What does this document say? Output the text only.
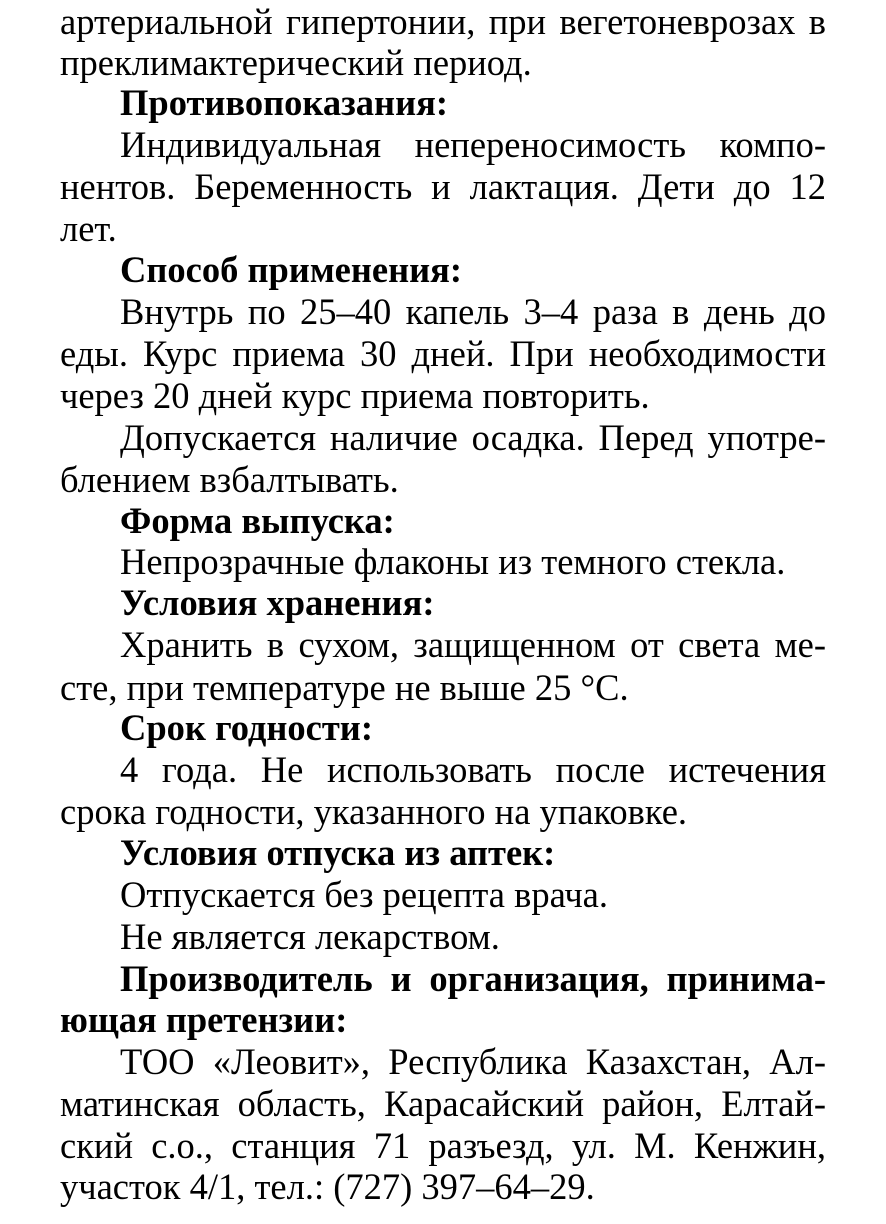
артериальной гипертонии, при вегетоневрозах в
преклимактерический период.
Противопоказания:
Индивидуальная непереносимость компо-
нентов. Беременность и лактация. Дети до 12
лет.
Способ применения:
Внутрь по 25–40 капель 3–4 раза в день до
еды. Курс приема 30 дней. При необходимости
через 20 дней курс приема повторить.
Допускается наличие осадка. Перед употре-
блением взбалтывать.
Форма выпуска:
Непрозрачные флаконы из темного стекла.
Условия хранения:
Хранить в сухом, защищенном от света ме-
сте, при температуре не выше 25 °С.
Срок годности:
4 года. Не использовать после истечения
срока годности, указанного на упаковке.
Условия отпуска из аптек:
Отпускается без рецепта врача.
Не является лекарством.
Производитель и организация, принима-
ющая претензии:
ТОО «Леовит», Республика Казахстан, Ал-
матинская область, Карасайский район, Елтай-
ский с.о., станция 71 разъезд, ул. М. Кенжин,
участок 4/1, тел.: (727) 397–64–29.
